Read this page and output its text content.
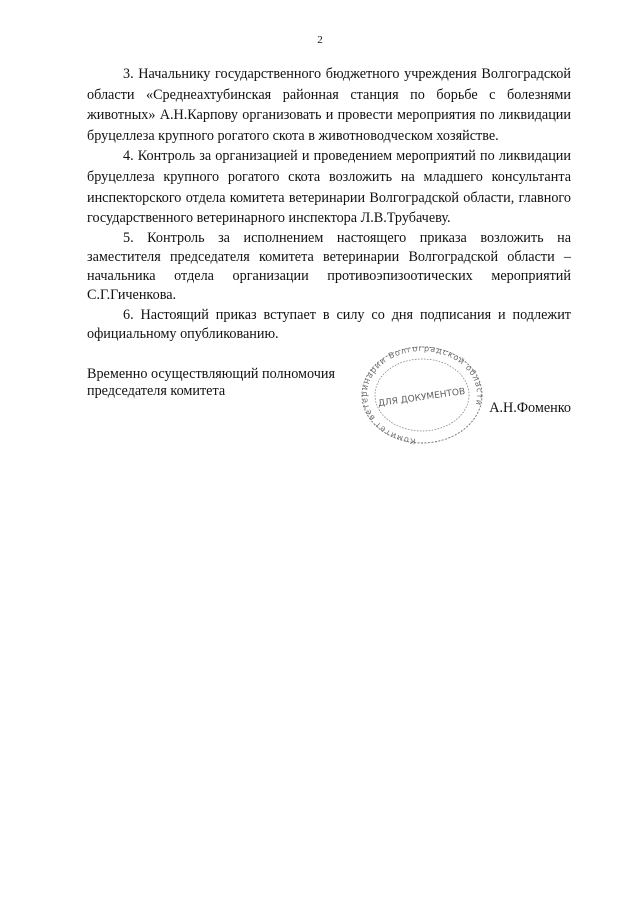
2

3. Начальнику государственного бюджетного учреждения Волгоградской области «Среднеахтубинская районная станция по борьбе с болезнями животных» А.Н.Карпову организовать и провести мероприятия по ликвидации бруцеллеза крупного рогатого скота в животноводческом хозяйстве.

4. Контроль за организацией и проведением мероприятий по ликвидации бруцеллеза крупного рогатого скота возложить на младшего консультанта инспекторского отдела комитета ветеринарии Волгоградской области, главного государственного ветеринарного инспектора Л.В.Трубачеву.

5. Контроль за исполнением настоящего приказа возложить на заместителя председателя комитета ветеринарии Волгоградской области – начальника отдела организации противоэпизоотических мероприятий С.Г.Гиченкова.

6. Настоящий приказ вступает в силу со дня подписания и подлежит официальному опубликованию.

Временно осуществляющий полномочия председателя комитета
Комитет ветеринарии Волгоградской области
ДЛЯ ДОКУМЕНТОВ А.Н.Фоменко
